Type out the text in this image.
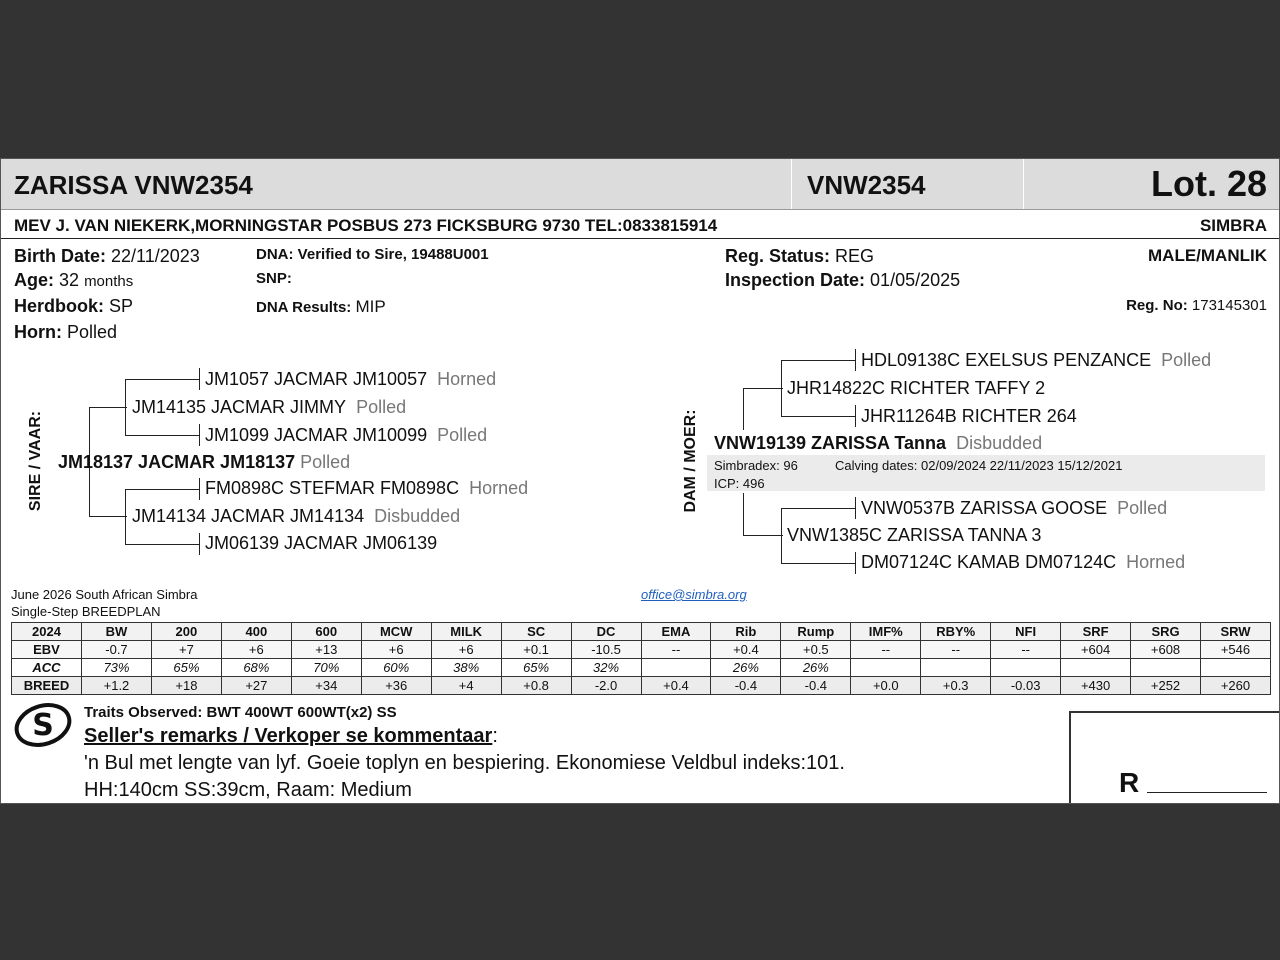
ZARISSA VNW2354	VNW2354	Lot. 28
MEV J. VAN NIEKERK,MORNINGSTAR POSBUS 273 FICKSBURG 9730 TEL:0833815914	SIMBRA
Birth Date: 22/11/2023
Age: 32 months
Herdbook: SP
Horn: Polled
DNA: Verified to Sire, 19488U001
SNP:
DNA Results: MIP
Reg. Status: REG
Inspection Date: 01/05/2025
MALE/MANLIK
Reg. No: 173145301
SIRE / VAAR:	DAM / MOER:
JM1057 JACMAR JM10057 Horned
JM14135 JACMAR JIMMY Polled
JM1099 JACMAR JM10099 Polled
JM18137 JACMAR JM18137 Polled
FM0898C STEFMAR FM0898C Horned
JM14134 JACMAR JM14134 Disbudded
JM06139 JACMAR JM06139
Simbradex: 96	Calving dates: 02/09/2024 22/11/2023 15/12/2021
ICP: 496
HDL09138C EXELSUS PENZANCE Polled
JHR14822C RICHTER TAFFY 2
JHR11264B RICHTER 264
VNW19139 ZARISSA Tanna Disbudded
VNW0537B ZARISSA GOOSE Polled
VNW1385C ZARISSA TANNA 3
DM07124C KAMAB DM07124C Horned
June 2026 South African Simbra
Single-Step BREEDPLAN
office@simbra.org
2024	BW	200	400	600	MCW	MILK	SC	DC	EMA	Rib	Rump	IMF%	RBY%	NFI	SRF	SRG	SRW
EBV	-0.7	+7	+6	+13	+6	+6	+0.1	-10.5	--	+0.4	+0.5	--	--	--	+604	+608	+546
ACC	73%	65%	68%	70%	60%	38%	65%	32%		26%	26%						
BREED	+1.2	+18	+27	+34	+36	+4	+0.8	-2.0	+0.4	-0.4	-0.4	+0.0	+0.3	-0.03	+430	+252	+260
S Traits Observed: BWT 400WT 600WT(x2) SS
Seller's remarks / Verkoper se kommentaar:
'n Bul met lengte van lyf. Goeie toplyn en bespiering. Ekonomiese Veldbul indeks:101.
HH:140cm SS:39cm, Raam: Medium	R
